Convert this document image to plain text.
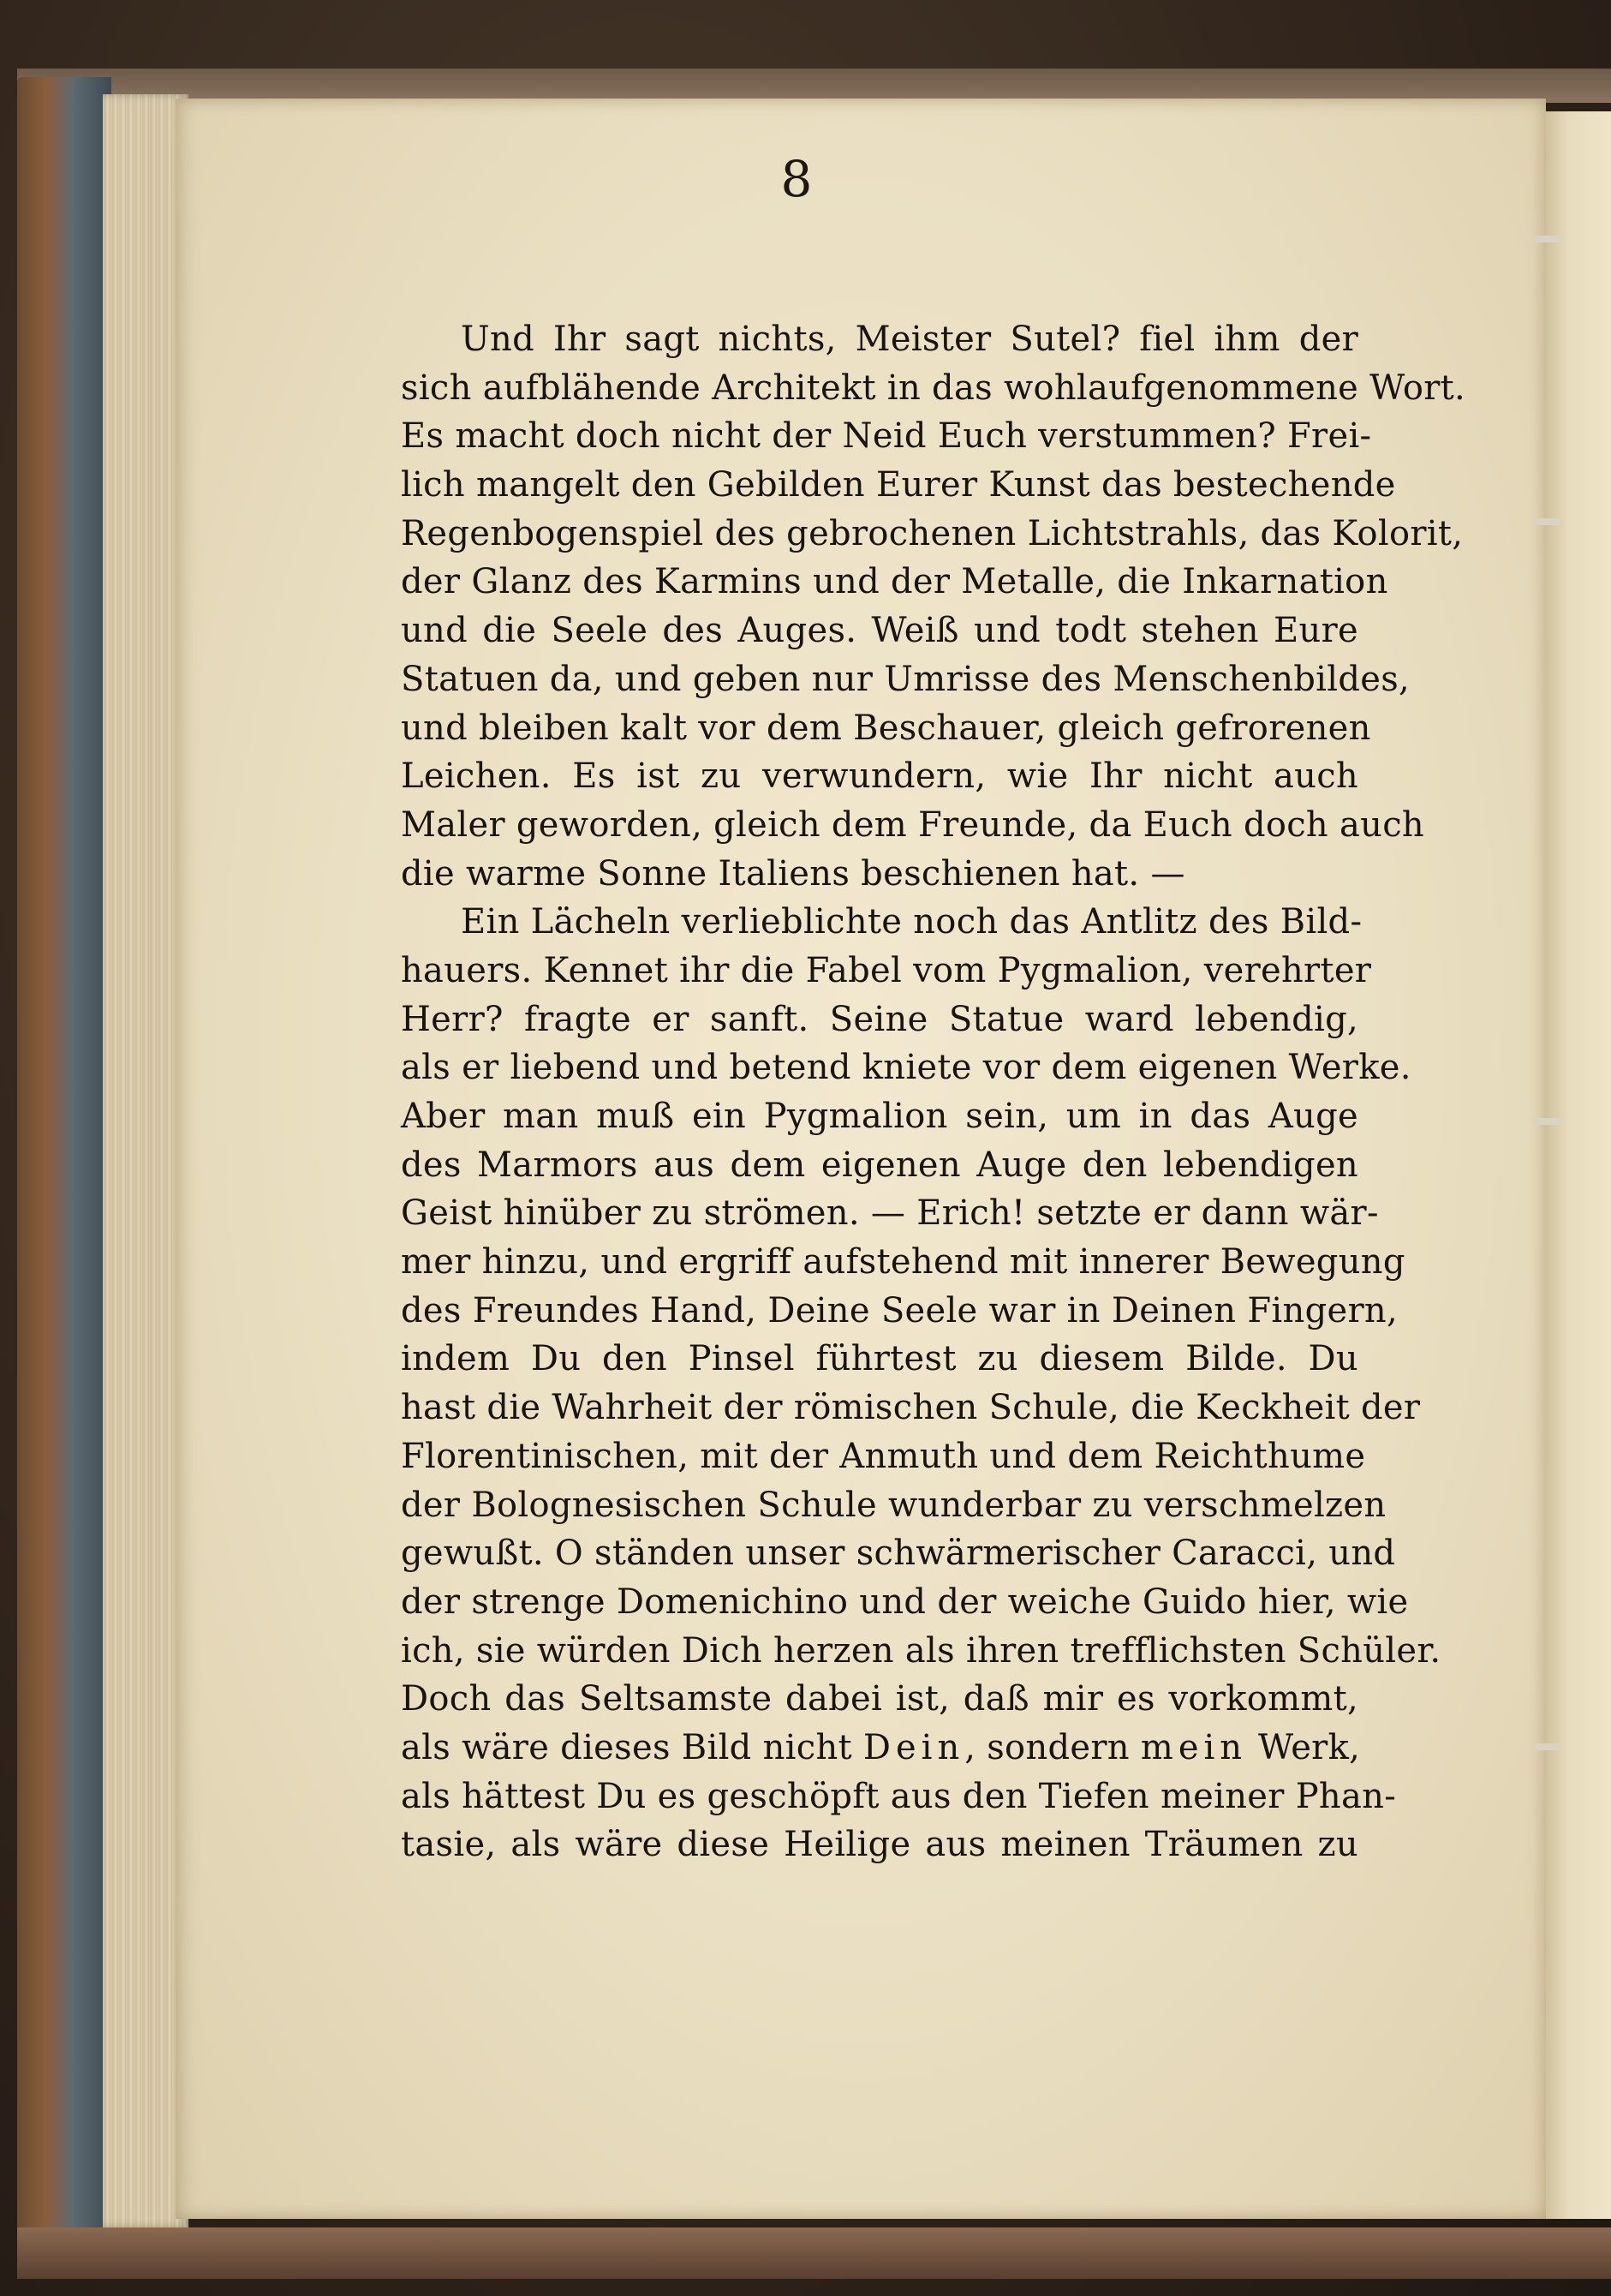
8
Und Ihr sagt nichts, Meister Sutel? fiel ihm der
sich aufblähende Architekt in das wohlaufgenommene Wort.
Es macht doch nicht der Neid Euch verstummen? Frei-
lich mangelt den Gebilden Eurer Kunst das bestechende
Regenbogenspiel des gebrochenen Lichtstrahls, das Kolorit,
der Glanz des Karmins und der Metalle, die Inkarnation
und die Seele des Auges. Weiß und todt stehen Eure
Statuen da, und geben nur Umrisse des Menschenbildes,
und bleiben kalt vor dem Beschauer, gleich gefrorenen
Leichen. Es ist zu verwundern, wie Ihr nicht auch
Maler geworden, gleich dem Freunde, da Euch doch auch
die warme Sonne Italiens beschienen hat. —
Ein Lächeln verlieblichte noch das Antlitz des Bild-
hauers. Kennet ihr die Fabel vom Pygmalion, verehrter
Herr? fragte er sanft. Seine Statue ward lebendig,
als er liebend und betend kniete vor dem eigenen Werke.
Aber man muß ein Pygmalion sein, um in das Auge
des Marmors aus dem eigenen Auge den lebendigen
Geist hinüber zu strömen. — Erich! setzte er dann wär-
mer hinzu, und ergriff aufstehend mit innerer Bewegung
des Freundes Hand, Deine Seele war in Deinen Fingern,
indem Du den Pinsel führtest zu diesem Bilde. Du
hast die Wahrheit der römischen Schule, die Keckheit der
Florentinischen, mit der Anmuth und dem Reichthume
der Bolognesischen Schule wunderbar zu verschmelzen
gewußt. O ständen unser schwärmerischer Caracci, und
der strenge Domenichino und der weiche Guido hier, wie
ich, sie würden Dich herzen als ihren trefflichsten Schüler.
Doch das Seltsamste dabei ist, daß mir es vorkommt,
als wäre dieses Bild nicht Dein, sondern mein Werk,
als hättest Du es geschöpft aus den Tiefen meiner Phan-
tasie, als wäre diese Heilige aus meinen Träumen zu
